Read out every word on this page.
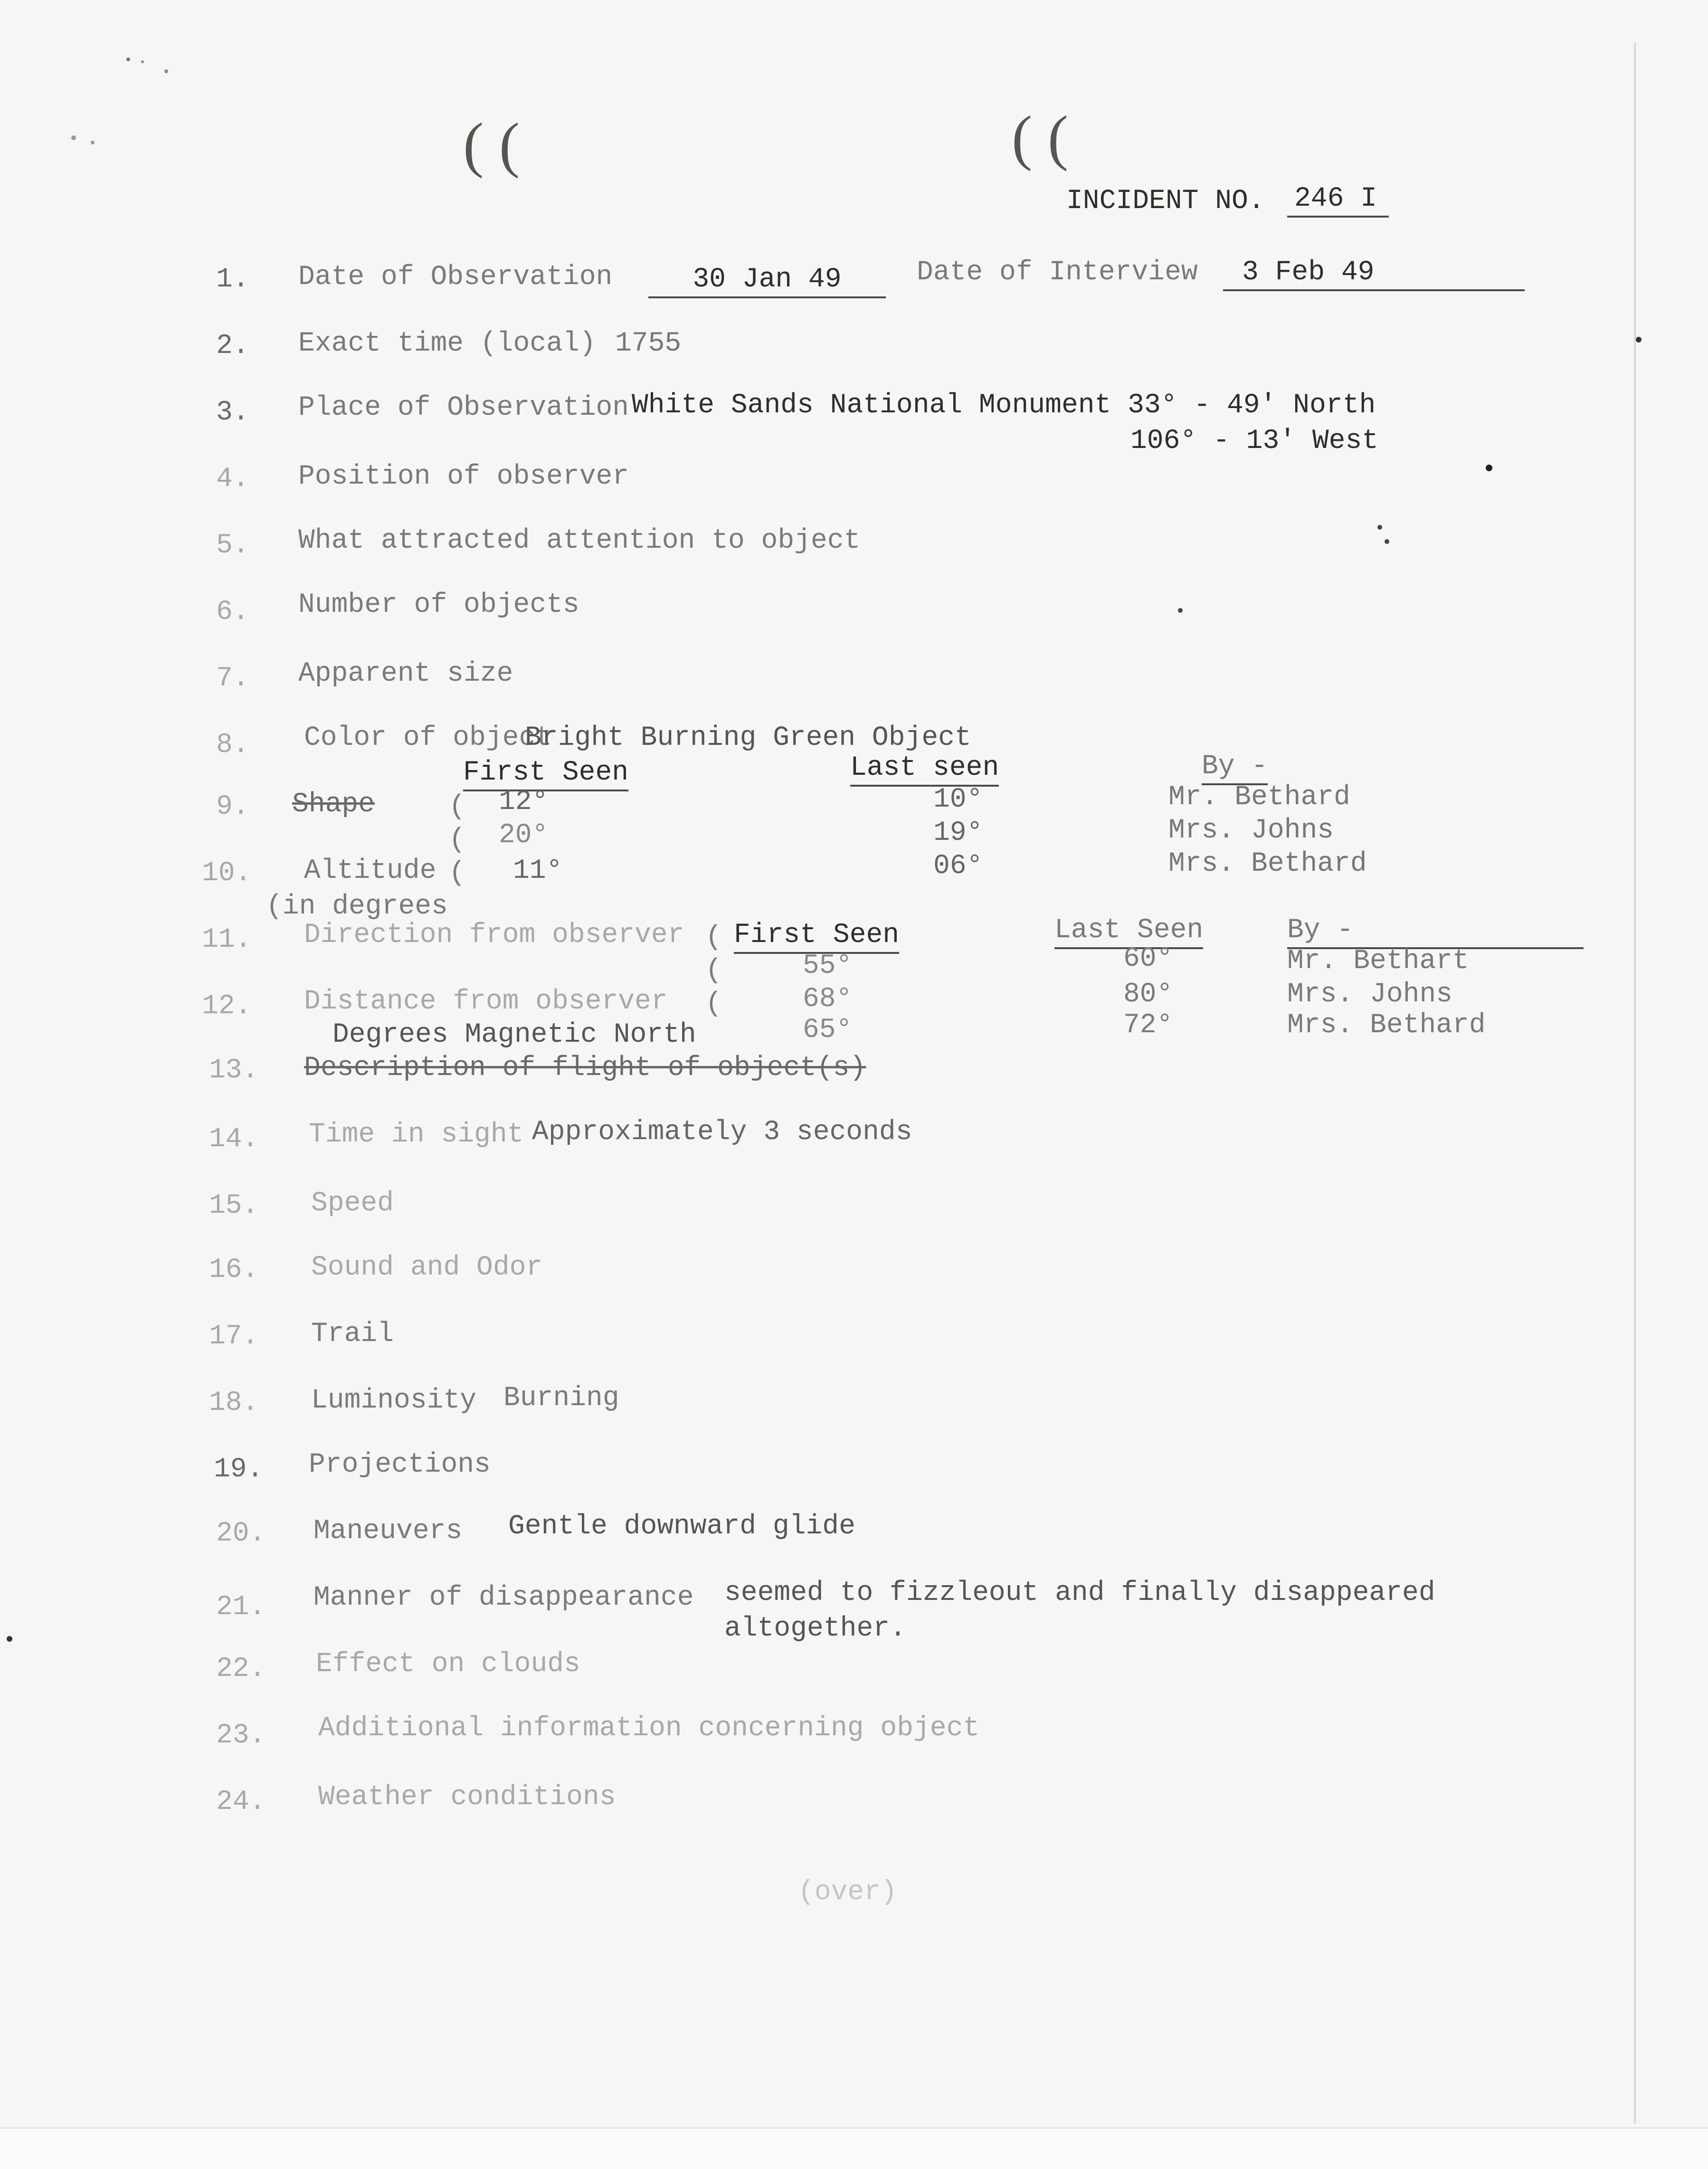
( (	( (
INCIDENT NO. 246 I
1. Date of Observation	30 Jan 49	Date of Interview	3 Feb 49
2. Exact time (local) 1755
3. Place of Observation White Sands National Monument 33° - 49' North
106° - 13' West
4. Position of observer
5. What attracted attention to object
6. Number of objects
7. Apparent size
8. Color of object
Bright Burning Green Object
First Seen	Last seen	By -
9. Shape	(
(
(
12°	10°	Mr. Bethard
20°	19°	Mrs. Johns
11°	06°	Mrs. Bethard
10. Altitude
(in degrees
First Seen	Last Seen	By -
11. Direction from observer (
(
(
55°	60°	Mr. Bethart
68°	80°	Mrs. Johns
65°	72°	Mrs. Bethard
12. Distance from observer
Degrees Magnetic North
13. Description of flight of object(s)
14. Time in sight Approximately 3 seconds
15. Speed
16. Sound and Odor
17. Trail
18. Luminosity Burning
19. Projections
20. Maneuvers Gentle downward glide
21. Manner of disappearance seemed to fizzleout and finally disappeared
altogether.
22. Effect on clouds
23. Additional information concerning object
24. Weather conditions
(over)
